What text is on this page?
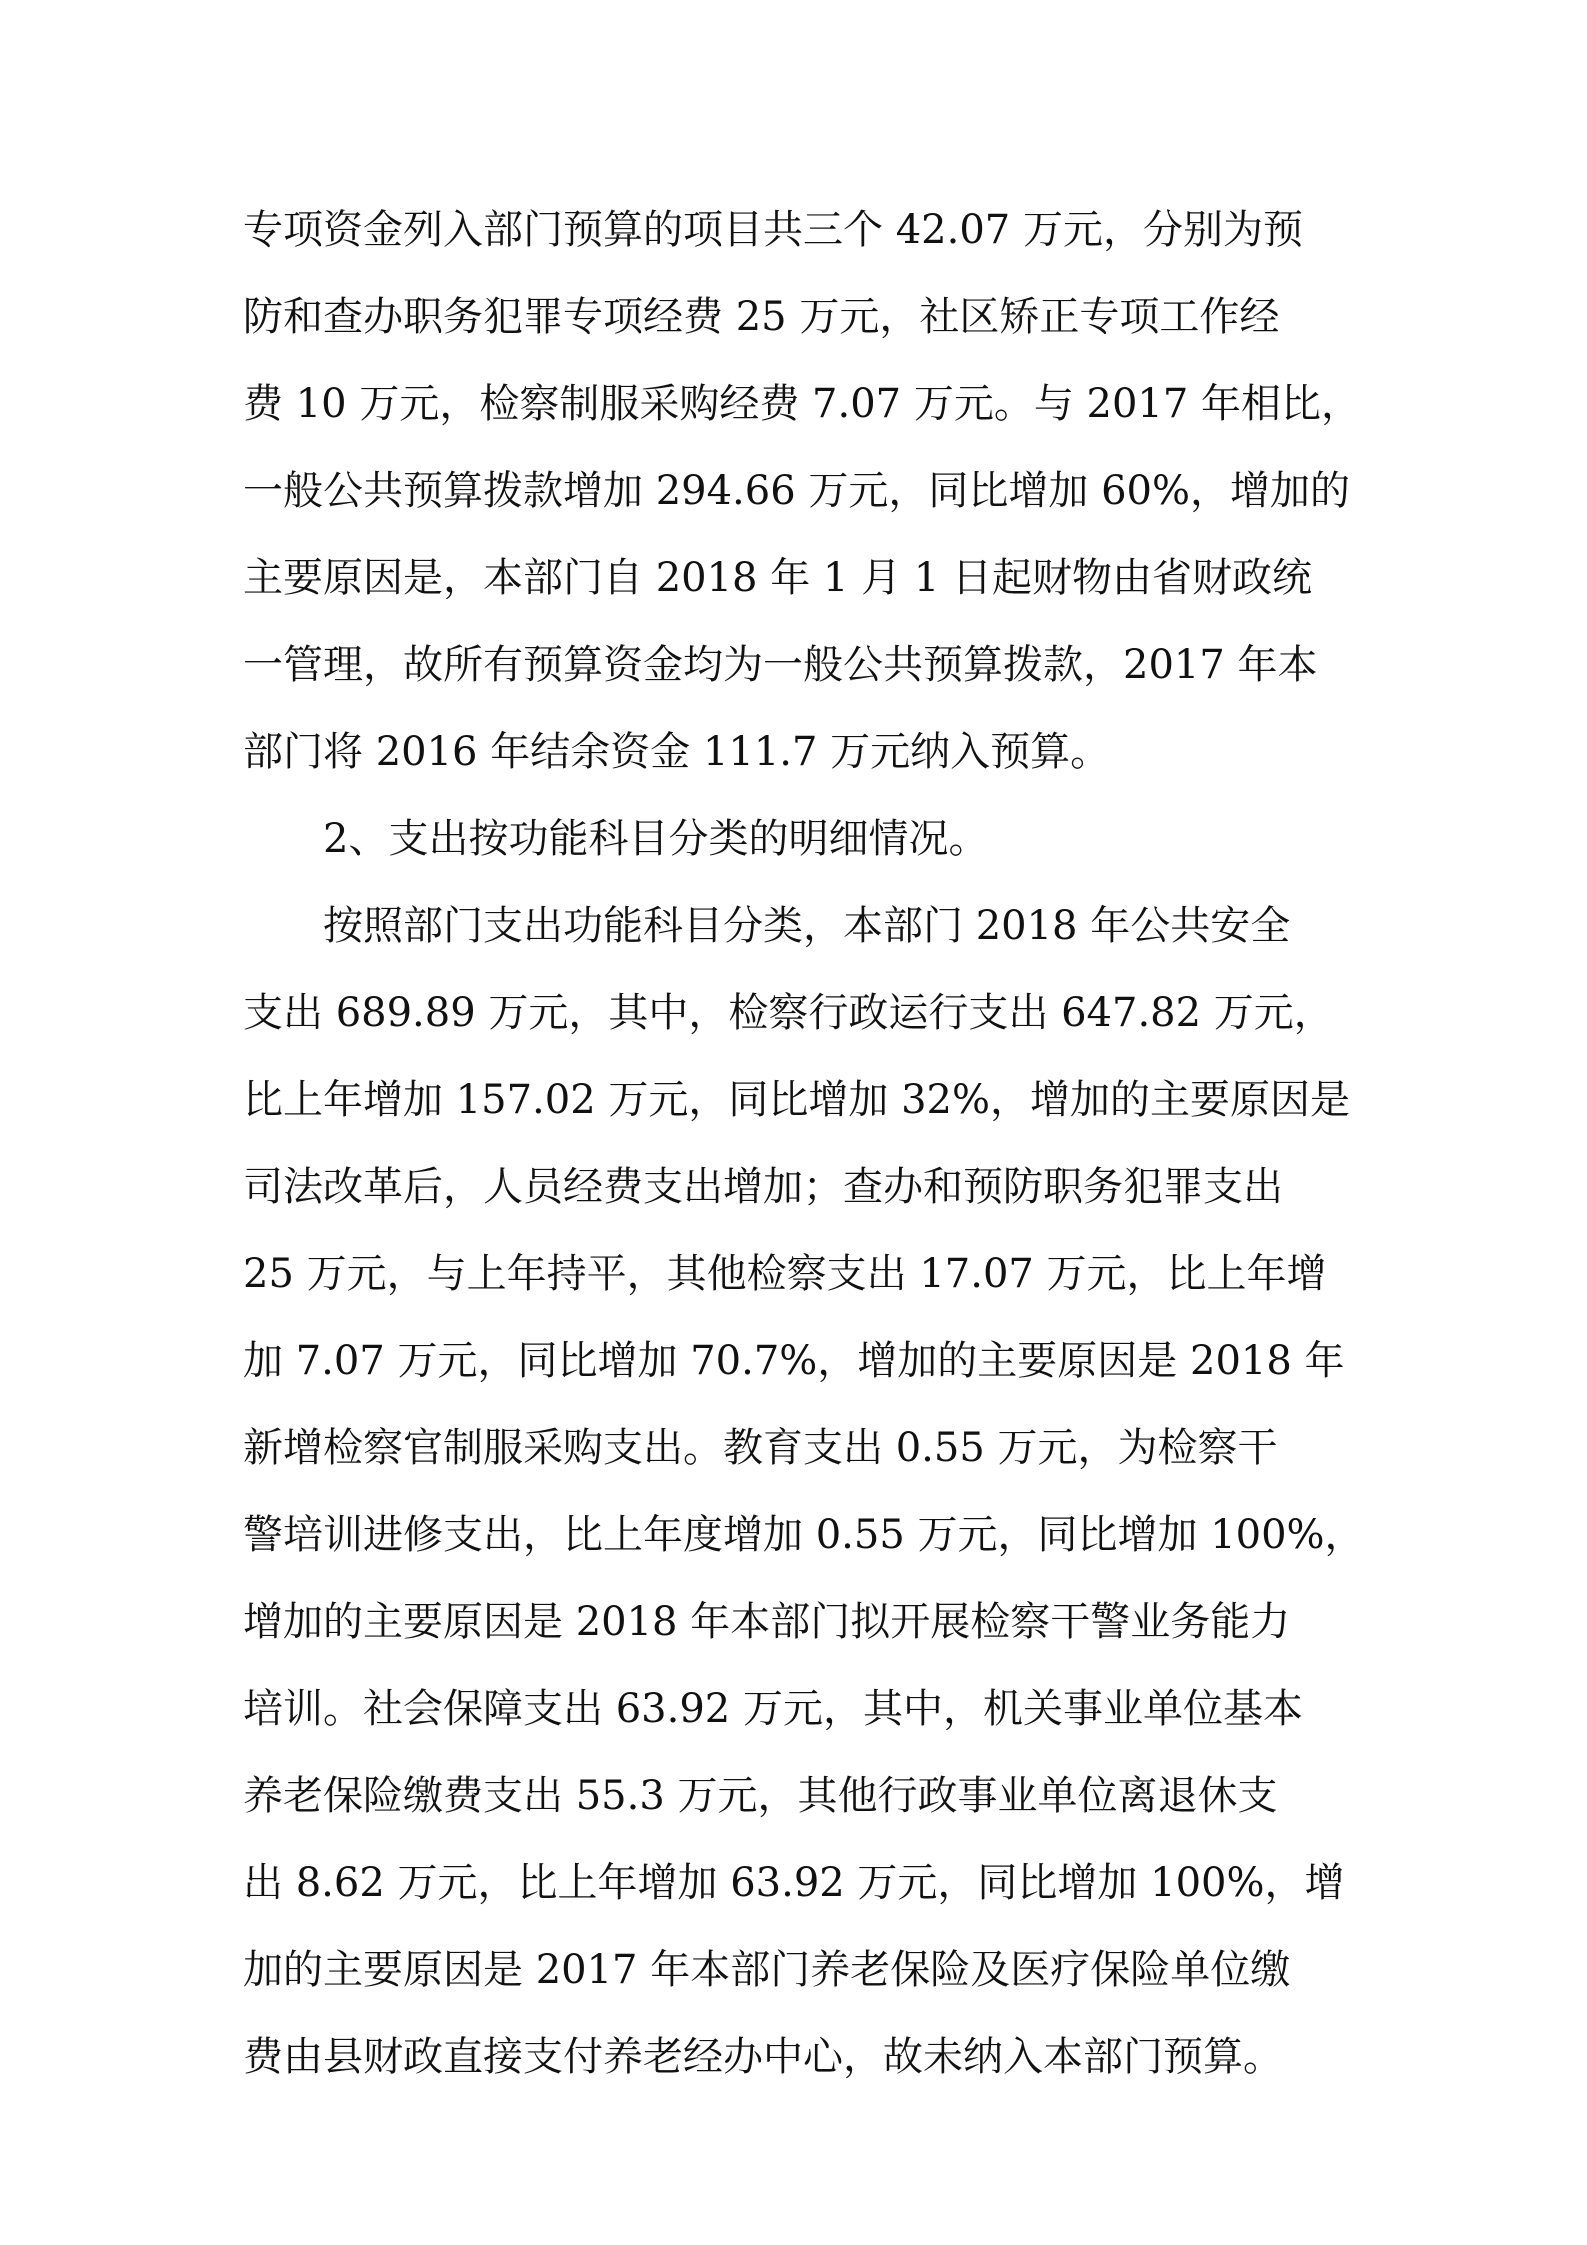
专项资金列入部门预算的项目共三个 42.07 万元，分别为预
防和查办职务犯罪专项经费 25 万元，社区矫正专项工作经
费 10 万元，检察制服采购经费 7.07 万元。与 2017 年相比，
一般公共预算拨款增加 294.66 万元，同比增加 60%，增加的
主要原因是，本部门自 2018 年 1 月 1 日起财物由省财政统
一管理，故所有预算资金均为一般公共预算拨款，2017 年本
部门将 2016 年结余资金 111.7 万元纳入预算。
2、支出按功能科目分类的明细情况。
按照部门支出功能科目分类，本部门 2018 年公共安全
支出 689.89 万元，其中，检察行政运行支出 647.82 万元，
比上年增加 157.02 万元，同比增加 32%，增加的主要原因是
司法改革后，人员经费支出增加；查办和预防职务犯罪支出
25 万元，与上年持平，其他检察支出 17.07 万元，比上年增
加 7.07 万元，同比增加 70.7%，增加的主要原因是 2018 年
新增检察官制服采购支出。教育支出 0.55 万元，为检察干
警培训进修支出，比上年度增加 0.55 万元，同比增加 100%，
增加的主要原因是 2018 年本部门拟开展检察干警业务能力
培训。社会保障支出 63.92 万元，其中，机关事业单位基本
养老保险缴费支出 55.3 万元，其他行政事业单位离退休支
出 8.62 万元，比上年增加 63.92 万元，同比增加 100%，增
加的主要原因是 2017 年本部门养老保险及医疗保险单位缴
费由县财政直接支付养老经办中心，故未纳入本部门预算。
